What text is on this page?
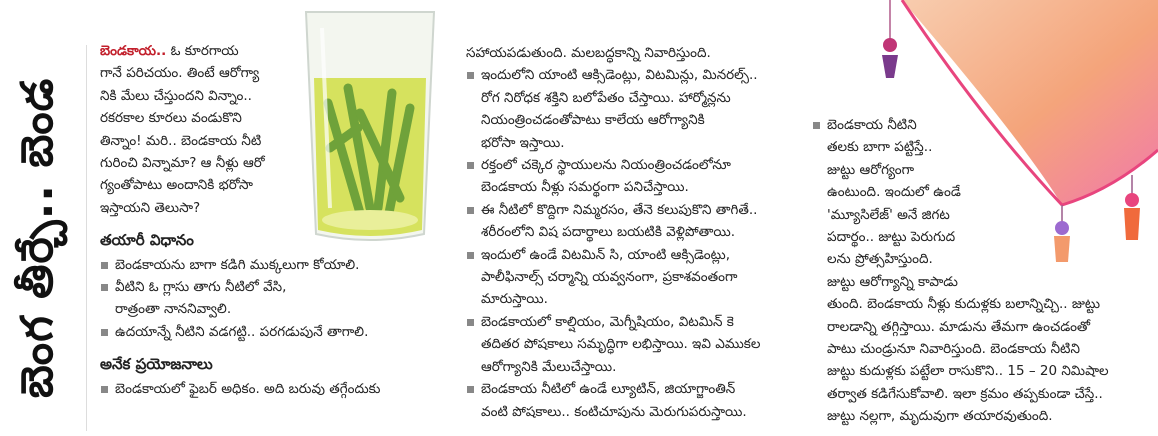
బెంగ తీర్చే.. బెండ

బెండకాయ.. ఓ కూరగాయ
గానే పరిచయం. తింటే ఆరోగ్యా
నికి మేలు చేస్తుందని విన్నాం..
రకరకాల కూరలు వండుకొని
తిన్నాం! మరి.. బెండకాయ నీటి
గురించి విన్నామా? ఆ నీళ్లు ఆరో
గ్యంతోపాటు అందానికి భరోసా
ఇస్తాయని తెలుసా?

తయారీ విధానం

బెండకాయను బాగా కడిగి ముక్కలుగా కోయాలి.

వీటిని ఓ గ్లాసు తాగు నీటిలో వేసి,
రాత్రంతా నాననివ్వాలి.

ఉదయాన్నే నీటిని వడగట్టి.. పరగడుపునే తాగాలి.

అనేక ప్రయోజనాలు

బెండకాయలో ఫైబర్ అధికం. అది బరువు తగ్గేందుకు

సహాయపడుతుంది. మలబద్ధకాన్ని నివారిస్తుంది.

ఇందులోని యాంటి ఆక్సిడెంట్లు, విటమిన్లు, మినరల్స్..
రోగ నిరోధక శక్తిని బలోపేతం చేస్తాయి. హార్మోన్లను
నియంత్రించడంతోపాటు కాలేయ ఆరోగ్యానికి
భరోసా ఇస్తాయి.

రక్తంలో చక్కెర స్థాయులను నియంత్రించడంలోనూ
బెండకాయ నీళ్లు సమర్థంగా పనిచేస్తాయి.

ఈ నీటిలో కొద్దిగా నిమ్మరసం, తేనె కలుపుకొని తాగితే..
శరీరంలోని విష పదార్థాలు బయటికి వెళ్లిపోతాయి.

ఇందులో ఉండే విటమిన్ సి, యాంటి ఆక్సిడెంట్లు,
పాలీఫినాల్స్ చర్మాన్ని యవ్వనంగా, ప్రకాశవంతంగా
మారుస్తాయి.

బెండకాయలో కాల్షియం, మెగ్నీషియం, విటమిన్ కె
తదితర పోషకాలు సమృద్ధిగా లభిస్తాయి. ఇవి ఎముకల
ఆరోగ్యానికి మేలుచేస్తాయి.

బెండకాయ నీటిలో ఉండే ల్యూటిన్, జియాగ్జాంతిన్
వంటి పోషకాలు.. కంటిచూపును మెరుగుపరుస్తాయి.

బెండకాయ నీటిని
తలకు బాగా పట్టిస్తే..
జుట్టు ఆరోగ్యంగా
ఉంటుంది. ఇందులో ఉండే
'మ్యూసిలేజ్' అనే జిగట
పదార్థం.. జుట్టు పెరుగుద
లను ప్రోత్సహిస్తుంది.
జుట్టు ఆరోగ్యాన్ని కాపాడు
తుంది. బెండకాయ నీళ్లు కుదుళ్లకు బలాన్నిచ్చి.. జుట్టు
రాలడాన్ని తగ్గిస్తాయి. మాడును తేమగా ఉంచడంతో
పాటు చుండ్రునూ నివారిస్తుంది. బెండకాయ నీటిని
జుట్టు కుదుళ్లకు పట్టేలా రాసుకొని.. 15 – 20 నిమిషాల
తర్వాత కడిగేసుకోవాలి. ఇలా క్రమం తప్పకుండా చేస్తే..
జుట్టు నల్లగా, మృదువుగా తయారవుతుంది.
